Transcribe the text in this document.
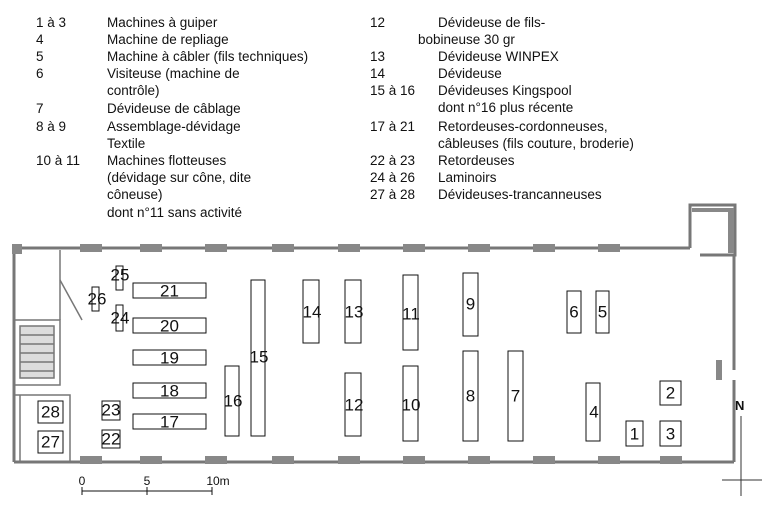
1 à 3	Machines à guiper
4	Machine de repliage
5	Machine à câbler (fils techniques)
6	Visiteuse (machine de
contrôle)
7	Dévideuse de câblage
8 à 9	Assemblage-dévidage
Textile
10 à 11 Machines flotteuses
(dévidage sur cône, dite
côneuse)
dont n°11 sans activité
12	Dévideuse de fils-
bobineuse 30 gr
13	Dévideuse WINPEX
14	Dévideuse
15 à 16 Dévideuses Kingspool
dont n°16 plus récente
17 à 21 Retordeuses-cordonneuses,
câbleuses (fils couture, broderie)
22 à 23 Retordeuses
24 à 26 Laminoirs
27 à 28 Dévideuses-trancanneuses
1
2
3
4
5
6
7
8
9
10
11
12
13
14
15
16
17
18
19
20
21
22
23
24
25
26
27
28
0	5	10m
N
